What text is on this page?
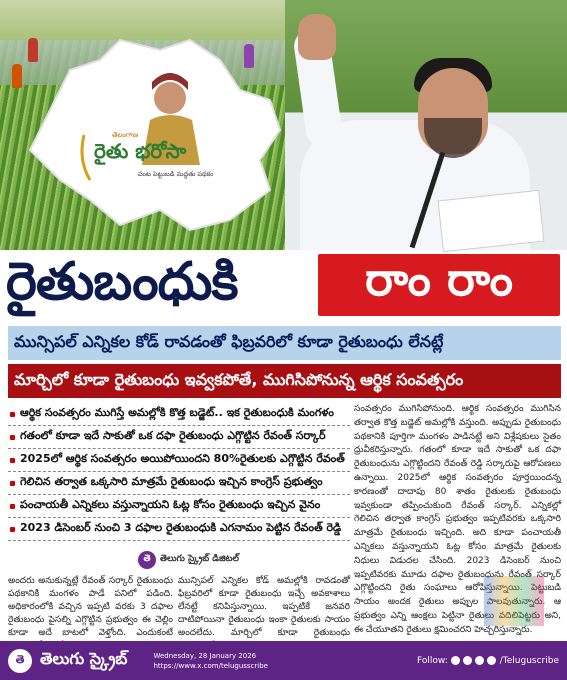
తెలంగాణ
రైతు భరోసా
పంట పెట్టుబడి మద్దతు పథకం
రైతుబంధుకి	రాం రాం
మున్సిపల్ ఎన్నికల కోడ్ రావడంతో ఫిబ్రవరిలో కూడా రైతుబంధు లేనట్లే
మార్చిలో కూడా రైతుబంధు ఇవ్వకపోతే, ముగిసిపోనున్న ఆర్థిక సంవత్సరం
ఆర్థిక సంవత్సరం ముగిస్తే అమల్లోకి కొత్త బడ్జెట్.. ఇక రైతుబంధుకి మంగళం
గతంలో కూడా ఇదే సాకుతో ఒక దఫా రైతుబంధు ఎగ్గొట్టిన రేవంత్ సర్కార్
2025లో ఆర్థిక సంవత్సరం అయిపోయిందని 80%రైతులకు ఎగ్గొట్టిన రేవంత్
గెలిచిన తర్వాత ఒక్కసారి మాత్రమే రైతుబంధు ఇచ్చిన కాంగ్రెస్ ప్రభుత్వం
పంచాయతీ ఎన్నికలు వస్తున్నాయని ఓట్ల కోసం రైతుబంధు ఇచ్చిన వైనం
2023 డిసెంబర్ నుంచి 3 దఫాల రైతుబంధుకి ఎగనామం పెట్టిన రేవంత్ రెడ్డి
తె	తెలుగు స్క్రైబ్ డిజిటల్
సంవత్సరం ముగిసిపోనుంది. ఆర్థిక సంవత్సరం ముగిసిన తర్వాత కొత్త బడ్జెట్ అమల్లోకి వస్తుంది. అప్పుడు రైతుబంధు పథకానికి పూర్తిగా మంగళం పాడినట్టే అని విశ్లేషకులు సైతం ధ్రువీకరిస్తున్నారు. గతంలో కూడా ఇదే సాకుతో ఒక దఫా రైతుబంధును ఎగ్గొట్టిందని రేవంత్ రెడ్డి సర్కారుపై ఆరోపణలు ఉన్నాయి. 2025లో ఆర్థిక సంవత్సరం పూర్తయిందన్న కారణంతో దాదాపు 80 శాతం రైతులకు రైతుబంధు ఇవ్వకుండా తప్పించుకుంది రేవంత్ సర్కార్. ఎన్నికల్లో గెలిచిన తర్వాత కాంగ్రెస్ ప్రభుత్వం ఇప్పటివరకు ఒక్కసారి మాత్రమే రైతుబంధు ఇచ్చింది. అది కూడా పంచాయతీ ఎన్నికలు వస్తున్నాయని ఓట్ల కోసం మాత్రమే రైతులకు నిధులు విడుదల చేసింది. 2023 డిసెంబర్ నుంచి ఇప్పటివరకు మూడు దఫాల రైతుబంధును రేవంత్ సర్కార్ ఎగ్గొట్టిందని రైతు సంఘాలు ఆరోపిస్తున్నాయి. పెట్టుబడి సాయం అందక రైతులు అప్పుల పాలవుతున్నారు. ఆ ప్రభుత్వం ఎన్ని ఆంక్షలు పెట్టినా రైతులు వదిలిపెట్టరు అని, ఈ చేయూతని రైతులు క్షమించరని హెచ్చరిస్తున్నారు.
అందరు అనుకున్నట్లే రేవంత్ సర్కార్ రైతుబంధు పథకానికి మంగళం పాడే పనిలో పడింది. అధికారంలోకి వచ్చిన ఇప్పటి వరకు 3 దఫాల రైతుబంధు పైసల్ని ఎగ్గొట్టిన ప్రభుత్వం ఈ చెల్లిం కూడా అదే బాటలో వెళ్తోంది. ఎందుకంటే
మున్సిపల్ ఎన్నికల కోడ్ అమల్లోకి రావడంతో ఫిబ్రవరిలో కూడా రైతుబంధు ఇచ్చే అవకాశాలు లేనట్టే కనిపిస్తున్నాయి. ఇప్పటికే జనవరి దాటిపోయినా రైతుబంధు ఇంకా రైతులకు సాయం అందలేదు. మార్చిలో కూడా రైతుబంధు
తె తెలుగు స్క్రైబ్	Wednesday, 28 January 2026
https://www.x.com/telugusscribe	Follow:	/Teluguscribe
